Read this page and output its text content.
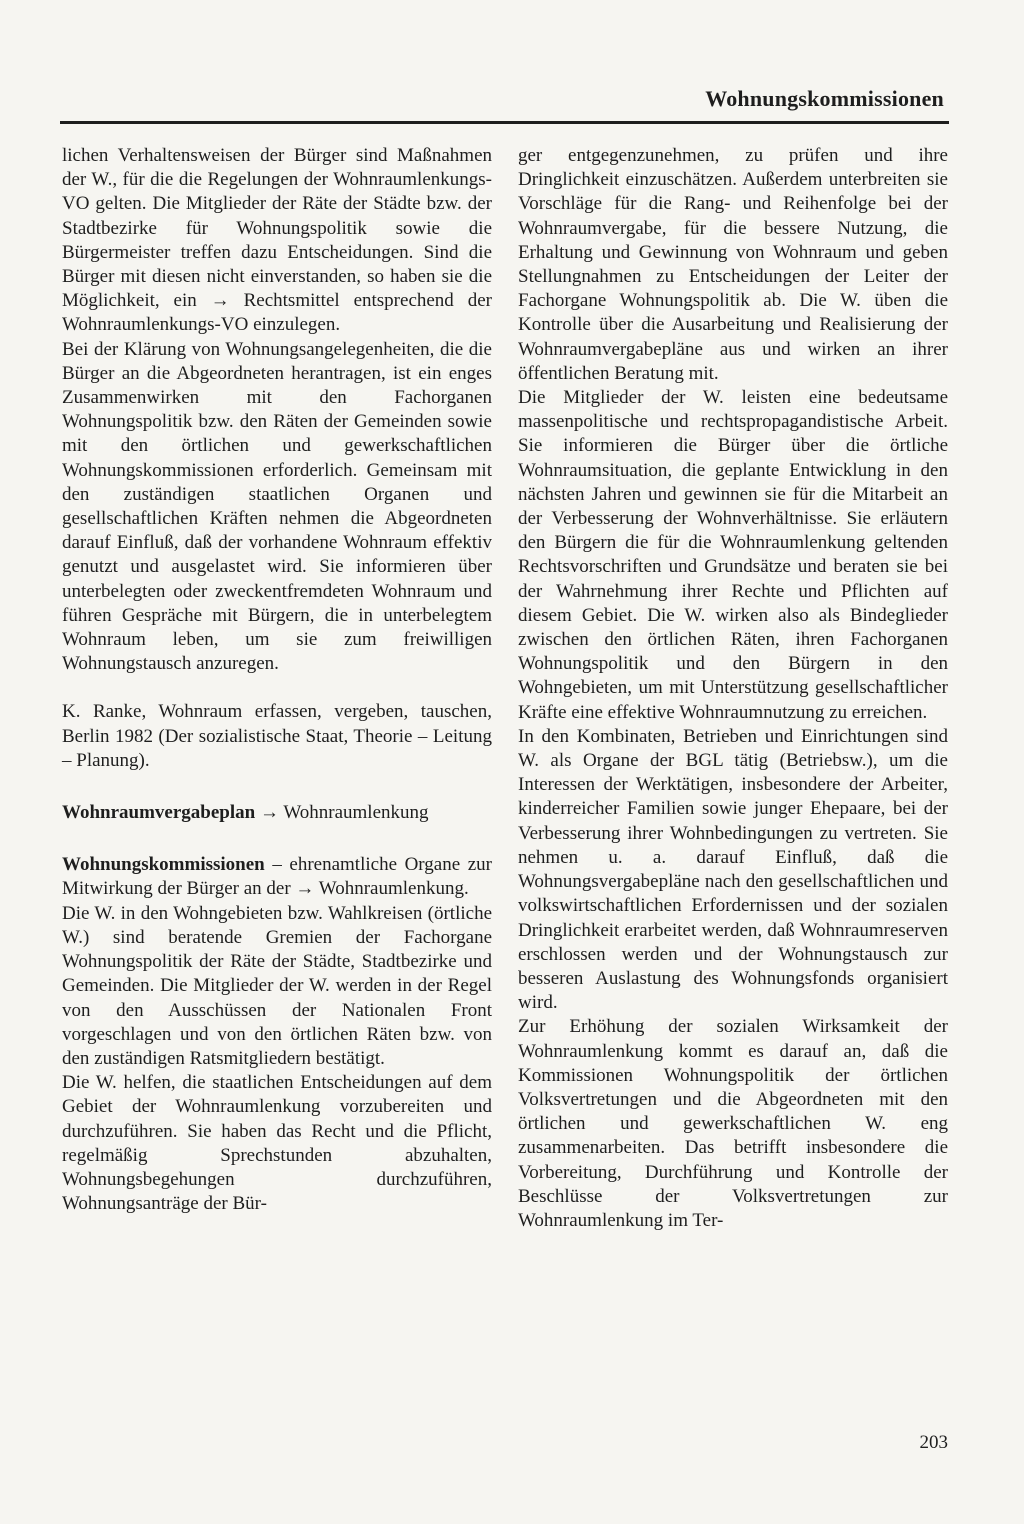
Wohnungskommissionen

lichen Verhaltensweisen der Bürger sind Maßnahmen der W., für die die Regelungen der Wohnraumlenkungs-VO gelten. Die Mitglieder der Räte der Städte bzw. der Stadtbezirke für Wohnungspolitik sowie die Bürgermeister treffen dazu Entscheidungen. Sind die Bürger mit diesen nicht einverstanden, so haben sie die Möglichkeit, ein → Rechtsmittel entsprechend der Wohnraumlenkungs-VO einzulegen.

Bei der Klärung von Wohnungsangelegenheiten, die die Bürger an die Abgeordneten herantragen, ist ein enges Zusammenwirken mit den Fachorganen Wohnungspolitik bzw. den Räten der Gemeinden sowie mit den örtlichen und gewerkschaftlichen Wohnungskommissionen erforderlich. Gemeinsam mit den zuständigen staatlichen Organen und gesellschaftlichen Kräften nehmen die Abgeordneten darauf Einfluß, daß der vorhandene Wohnraum effektiv genutzt und ausgelastet wird. Sie informieren über unterbelegten oder zweckentfremdeten Wohnraum und führen Gespräche mit Bürgern, die in unterbelegtem Wohnraum leben, um sie zum freiwilligen Wohnungstausch anzuregen.

K. Ranke, Wohnraum erfassen, vergeben, tauschen, Berlin 1982 (Der sozialistische Staat, Theorie – Leitung – Planung).

Wohnraumvergabeplan → Wohnraumlenkung

Wohnungskommissionen – ehrenamtliche Organe zur Mitwirkung der Bürger an der → Wohnraumlenkung.

Die W. in den Wohngebieten bzw. Wahlkreisen (örtliche W.) sind beratende Gremien der Fachorgane Wohnungspolitik der Räte der Städte, Stadtbezirke und Gemeinden. Die Mitglieder der W. werden in der Regel von den Ausschüssen der Nationalen Front vorgeschlagen und von den örtlichen Räten bzw. von den zuständigen Ratsmitgliedern bestätigt.

Die W. helfen, die staatlichen Entscheidungen auf dem Gebiet der Wohnraumlenkung vorzubereiten und durchzuführen. Sie haben das Recht und die Pflicht, regelmäßig Sprechstunden abzuhalten, Wohnungsbegehungen durchzuführen, Wohnungsanträge der Bür-

ger entgegenzunehmen, zu prüfen und ihre Dringlichkeit einzuschätzen. Außerdem unterbreiten sie Vorschläge für die Rang- und Reihenfolge bei der Wohnraumvergabe, für die bessere Nutzung, die Erhaltung und Gewinnung von Wohnraum und geben Stellungnahmen zu Entscheidungen der Leiter der Fachorgane Wohnungspolitik ab. Die W. üben die Kontrolle über die Ausarbeitung und Realisierung der Wohnraumvergabepläne aus und wirken an ihrer öffentlichen Beratung mit.

Die Mitglieder der W. leisten eine bedeutsame massenpolitische und rechtspropagandistische Arbeit. Sie informieren die Bürger über die örtliche Wohnraumsituation, die geplante Entwicklung in den nächsten Jahren und gewinnen sie für die Mitarbeit an der Verbesserung der Wohnverhältnisse. Sie erläutern den Bürgern die für die Wohnraumlenkung geltenden Rechtsvorschriften und Grundsätze und beraten sie bei der Wahrnehmung ihrer Rechte und Pflichten auf diesem Gebiet. Die W. wirken also als Bindeglieder zwischen den örtlichen Räten, ihren Fachorganen Wohnungspolitik und den Bürgern in den Wohngebieten, um mit Unterstützung gesellschaftlicher Kräfte eine effektive Wohnraumnutzung zu erreichen.

In den Kombinaten, Betrieben und Einrichtungen sind W. als Organe der BGL tätig (Betriebsw.), um die Interessen der Werktätigen, insbesondere der Arbeiter, kinderreicher Familien sowie junger Ehepaare, bei der Verbesserung ihrer Wohnbedingungen zu vertreten. Sie nehmen u. a. darauf Einfluß, daß die Wohnungsvergabepläne nach den gesellschaftlichen und volkswirtschaftlichen Erfordernissen und der sozialen Dringlichkeit erarbeitet werden, daß Wohnraumreserven erschlossen werden und der Wohnungstausch zur besseren Auslastung des Wohnungsfonds organisiert wird.

Zur Erhöhung der sozialen Wirksamkeit der Wohnraumlenkung kommt es darauf an, daß die Kommissionen Wohnungspolitik der örtlichen Volksvertretungen und die Abgeordneten mit den örtlichen und gewerkschaftlichen W. eng zusammenarbeiten. Das betrifft insbesondere die Vorbereitung, Durchführung und Kontrolle der Beschlüsse der Volksvertretungen zur Wohnraumlenkung im Ter-

203
